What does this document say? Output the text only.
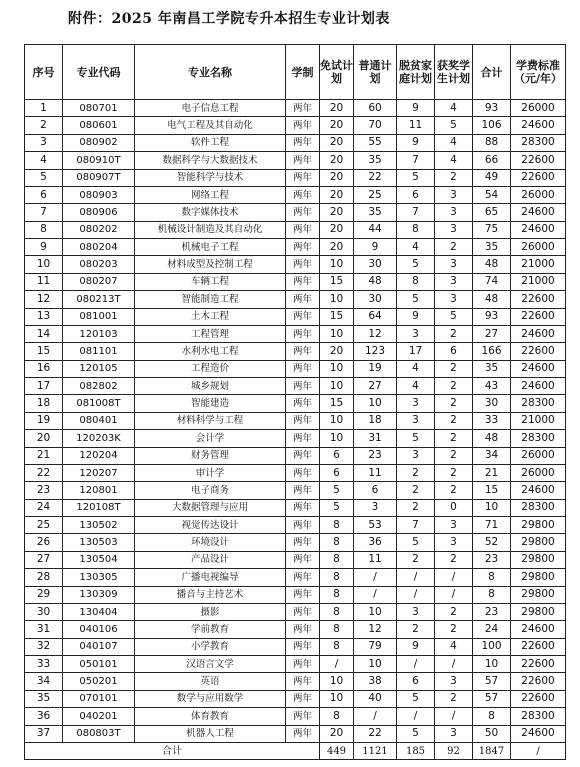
附件：2025 年南昌工学院专升本招生专业计划表
序号	专业代码	专业名称	学制	免试计划	普通计划	脱贫家庭计划	获奖学生计划	合计	学费标准（元/年）

1	080701	电子信息工程	两年	20	60	9	4	93	26000
2	080601	电气工程及其自动化	两年	20	70	11	5	106	24600
3	080902	软件工程	两年	20	55	9	4	88	28300
4	080910T	数据科学与大数据技术	两年	20	35	7	4	66	22600
5	080907T	智能科学与技术	两年	20	22	5	2	49	22600
6	080903	网络工程	两年	20	25	6	3	54	26000
7	080906	数字媒体技术	两年	20	35	7	3	65	24600
8	080202	机械设计制造及其自动化	两年	20	44	8	3	75	24600
9	080204	机械电子工程	两年	20	9	4	2	35	26000
10	080203	材料成型及控制工程	两年	10	30	5	3	48	21000
11	080207	车辆工程	两年	15	48	8	3	74	21000
12	080213T	智能制造工程	两年	10	30	5	3	48	22600
13	081001	土木工程	两年	15	64	9	5	93	22600
14	120103	工程管理	两年	10	12	3	2	27	24600
15	081101	水利水电工程	两年	20	123	17	6	166	22600
16	120105	工程造价	两年	10	19	4	2	35	24600
17	082802	城乡规划	两年	10	27	4	2	43	24600
18	081008T	智能建造	两年	15	10	3	2	30	28300
19	080401	材料科学与工程	两年	10	18	3	2	33	21000
20	120203K	会计学	两年	10	31	5	2	48	28300
21	120204	财务管理	两年	6	23	3	2	34	26000
22	120207	审计学	两年	6	11	2	2	21	26000
23	120801	电子商务	两年	5	6	2	2	15	24600
24	120108T	大数据管理与应用	两年	5	3	2	0	10	28300
25	130502	视觉传达设计	两年	8	53	7	3	71	29800
26	130503	环境设计	两年	8	36	5	3	52	29800
27	130504	产品设计	两年	8	11	2	2	23	29800
28	130305	广播电视编导	两年	8	/	/	/	8	29800
29	130309	播音与主持艺术	两年	8	/	/	/	8	29800
30	130404	摄影	两年	8	10	3	2	23	29800
31	040106	学前教育	两年	8	12	2	2	24	24600
32	040107	小学教育	两年	8	79	9	4	100	22600
33	050101	汉语言文学	两年	/	10	/	/	10	22600
34	050201	英语	两年	10	38	6	3	57	22600
35	070101	数学与应用数学	两年	10	40	5	2	57	22600
36	040201	体育教育	两年	8	/	/	/	8	28300
37	080803T	机器人工程	两年	20	22	5	3	50	24600
合计				449	1121	185	92	1847	/
